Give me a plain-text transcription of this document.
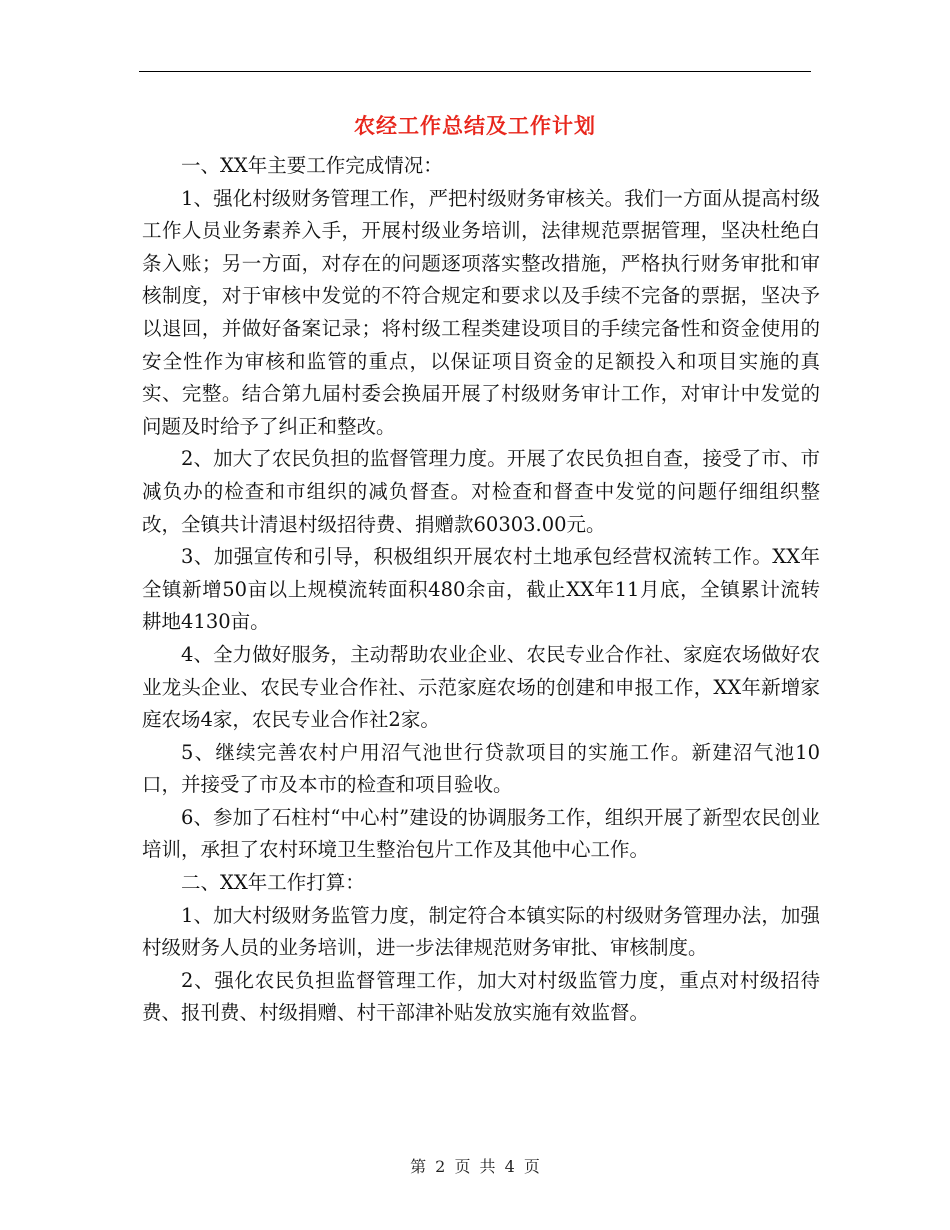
农经工作总结及工作计划

一、XX年主要工作完成情况：

1、强化村级财务管理工作，严把村级财务审核关。我们一方面从提高村级工作人员业务素养入手，开展村级业务培训，法律规范票据管理，坚决杜绝白条入账；另一方面，对存在的问题逐项落实整改措施，严格执行财务审批和审核制度，对于审核中发觉的不符合规定和要求以及手续不完备的票据，坚决予以退回，并做好备案记录；将村级工程类建设项目的手续完备性和资金使用的安全性作为审核和监管的重点，以保证项目资金的足额投入和项目实施的真实、完整。结合第九届村委会换届开展了村级财务审计工作，对审计中发觉的问题及时给予了纠正和整改。

2、加大了农民负担的监督管理力度。开展了农民负担自查，接受了市、市减负办的检查和市组织的减负督查。对检查和督查中发觉的问题仔细组织整改，全镇共计清退村级招待费、捐赠款60303.00元。

3、加强宣传和引导，积极组织开展农村土地承包经营权流转工作。XX年全镇新增50亩以上规模流转面积480余亩，截止XX年11月底，全镇累计流转耕地4130亩。

4、全力做好服务，主动帮助农业企业、农民专业合作社、家庭农场做好农业龙头企业、农民专业合作社、示范家庭农场的创建和申报工作，XX年新增家庭农场4家，农民专业合作社2家。

5、继续完善农村户用沼气池世行贷款项目的实施工作。新建沼气池10口，并接受了市及本市的检查和项目验收。

6、参加了石柱村“中心村”建设的协调服务工作，组织开展了新型农民创业培训，承担了农村环境卫生整治包片工作及其他中心工作。

二、XX年工作打算：

1、加大村级财务监管力度，制定符合本镇实际的村级财务管理办法，加强村级财务人员的业务培训，进一步法律规范财务审批、审核制度。

2、强化农民负担监督管理工作，加大对村级监管力度，重点对村级招待费、报刊费、村级捐赠、村干部津补贴发放实施有效监督。

第 2 页 共 4 页
